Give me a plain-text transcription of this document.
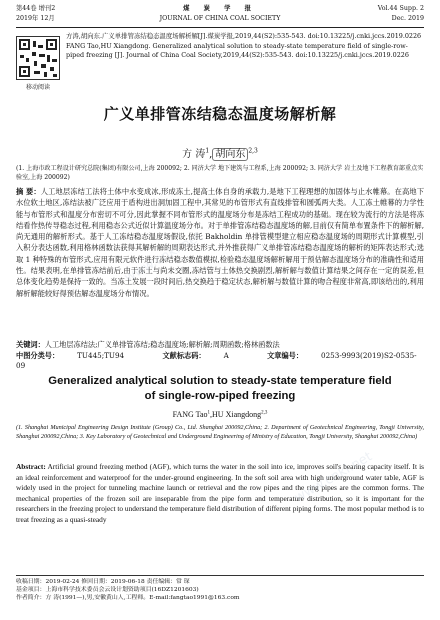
第44卷 增刊2	煤 炭 学 报	Vol.44 Supp. 2
2019年 12月	JOURNAL OF CHINA COAL SOCIETY	Dec. 2019
移动阅读

方涛,胡向东.广义单排管冻结稳态温度场解析解[J].煤炭学报,2019,44(S2):535-543. doi:10.13225/j.cnki.jccs.2019.0226

FANG Tao,HU Xiangdong. Generalized analytical solution to steady-state temperature field of single-row-piped freezing [J]. Journal of China Coal Society,2019,44(S2):535-543. doi:10.13225/j.cnki.jccs.2019.0226

广义单排管冻结稳态温度场解析解
方 涛$^1$, 胡向东 $^{2,3}$
(1. 上海市政工程设计研究总院(集团)有限公司,上海 200092; 2. 同济大学 地下建筑与工程系,上海 200092; 3. 同济大学 岩土及地下工程教育部重点实验室,上海 200092)
摘 要：人工地层冻结工法将土体中水变成冰,形成冻土,提高土体自身的承载力,是地下工程理想的加固体与止水帷幕。在高地下水位软土地区,冻结法被广泛应用于盾构进出洞加固工程中,其常见的布管形式有直线排管和圆弧两大类。人工冻土帷幕的力学性能与布管形式和温度分布密切不可分,因此掌握不同布管形式的温度场分布是冻结工程成功的基础。现在较为流行的方法是将冻结看作热传导稳态过程,利用稳态公式近似计算温度场分布。对于单排管冻结稳态温度场的解,目前仅有简单布置条件下的解析解,尚无通用的解析形式。基于人工冻结稳态温度场假设,依托 Bakholdin 单排管模型建立相应稳态温度场的周期形式计算模型,引入积分表达函数,利用格林函数法获得其解析解的周期表达形式,并外推获得广义单排管冻结稳态温度场的解析的矩阵表达形式;选取 1 种特殊的布管形式,应用有限元软件进行冻结稳态数值模拟,检验稳态温度场解析解用于预估解态温度场分布的准确性和适用性。结果表明,在单排管冻结前后,由于冻土与尚未交圈,冻结管与土体热交换剧烈,解析解与数值计算结果之间存在一定的误差,但总体变化趋势是保持一致的。当冻土发展一段时间后,热交换趋于稳定状态,解析解与数值计算的吻合程度非常高,即该给出的,利用解析解能较好得预估解态温度场分布情况。
关键词：人工地层冻结法;广义单排管冻结;稳态温度场;解析解;周期函数;格林函数法
中图分类号：	TU445;TU94	文献标志码：	A	文章编号：	0253-9993(2019)S2-0535-09
Generalized analytical solution to steady-state temperature field
of single-row-piped freezing
FANG Tao$^1$,HU Xiangdong$^{2,3}$
(1. Shanghai Municipal Engineering Design Institute (Group) Co., Ltd. Shanghai 200092,China; 2. Department of Geotechnical Engineering, Tongji University, Shanghai 200092,China; 3. Key Laboratory of Geotechnical and Underground Engineering of Ministry of Education, Tongji University, Shanghai 200092,China)
Abstract: Artificial ground freezing method (AGF), which turns the water in the soil into ice, improves soil's bearing capacity itself. It is an ideal reinforcement and waterproof for the under-ground engineering. In the soft soil area with high underground water table, AGF is widely used in the project for tunneling machine launch or retrieval and the row pipes and the ring pipes are the common forms. The mechanical properties of the frozen soil are inseparable from the pipe form and temperature distribution, so it is important for the researchers in the freezing project to understand the temperature field distribution of different piping forms. The most popular method is to treat freezing as a quasi-steady

收稿日期：2019-02-24 修回日期：2019-06-18 责任编辑：常 琛

基金项目：上海市科学技术委员会云设计划资助项目(16DZ1201603)

作者简介：方 涛(1991—),男,安徽黄山人,工程师。E-mail:fangtao1991@163.com

www.cnki.net
www.cnki.net
